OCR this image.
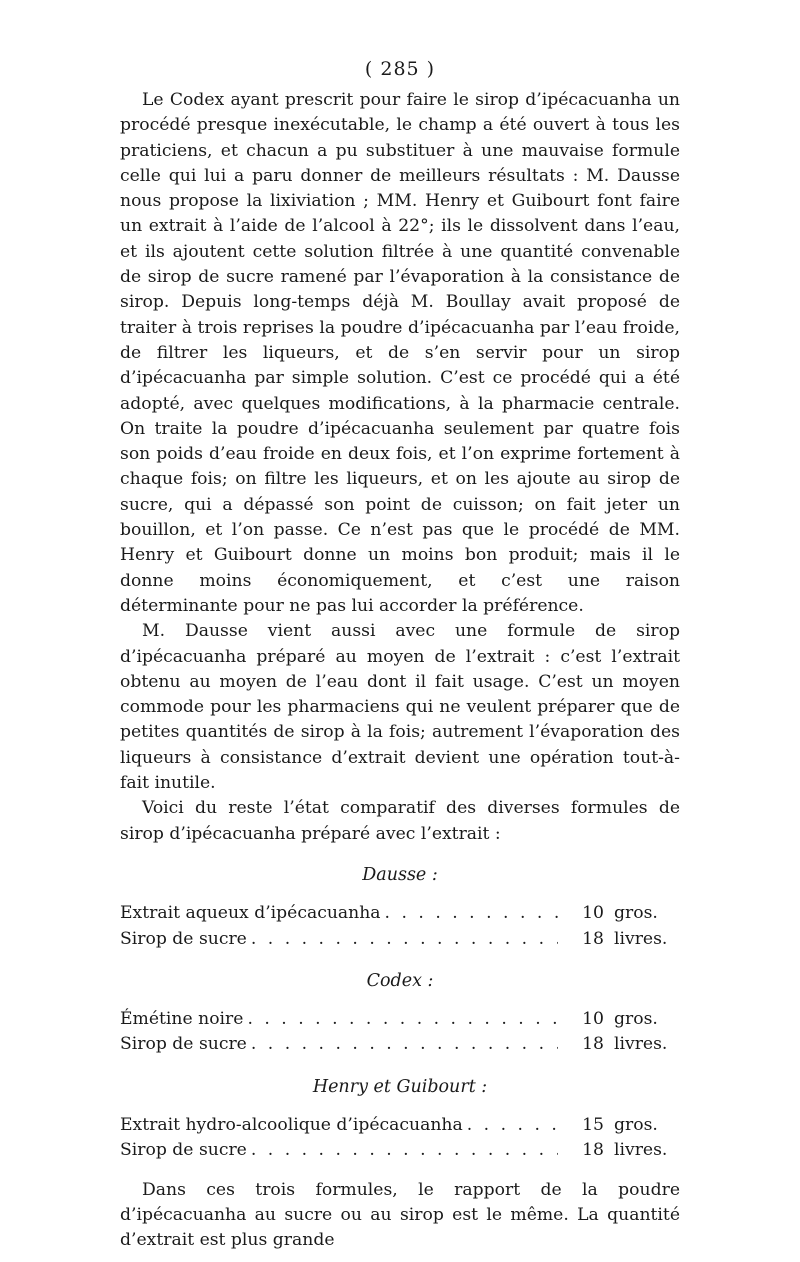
( 285 )

Le Codex ayant prescrit pour faire le sirop d’ipécacuanha un procédé presque inexécutable, le champ a été ouvert à tous les praticiens, et chacun a pu substituer à une mauvaise formule celle qui lui a paru donner de meilleurs résultats : M. Dausse nous propose la lixiviation ; MM. Henry et Guibourt font faire un extrait à l’aide de l’alcool à 22°; ils le dissolvent dans l’eau, et ils ajoutent cette solution filtrée à une quantité convenable de sirop de sucre ramené par l’évaporation à la consistance de sirop. Depuis long-temps déjà M. Boullay avait proposé de traiter à trois reprises la poudre d’ipécacuanha par l’eau froide, de filtrer les liqueurs, et de s’en servir pour un sirop d’ipécacuanha par simple solution. C’est ce procédé qui a été adopté, avec quelques modifications, à la pharmacie centrale. On traite la poudre d’ipécacuanha seulement par quatre fois son poids d’eau froide en deux fois, et l’on exprime fortement à chaque fois; on filtre les liqueurs, et on les ajoute au sirop de sucre, qui a dépassé son point de cuisson; on fait jeter un bouillon, et l’on passe. Ce n’est pas que le procédé de MM. Henry et Guibourt donne un moins bon produit; mais il le donne moins économiquement, et c’est une raison déterminante pour ne pas lui accorder la préférence.

M. Dausse vient aussi avec une formule de sirop d’ipécacuanha préparé au moyen de l’extrait : c’est l’extrait obtenu au moyen de l’eau dont il fait usage. C’est un moyen commode pour les pharmaciens qui ne veulent préparer que de petites quantités de sirop à la fois; autrement l’évaporation des liqueurs à consistance d’extrait devient une opération tout-à-fait inutile.

Voici du reste l’état comparatif des diverses formules de sirop d’ipécacuanha préparé avec l’extrait :

Dausse :
Extrait aqueux d’ipécacuanha . . .	10 gros.
Sirop de sucre . . .	18 livres.
Codex :
Émétine noire . . .	10 gros.
Sirop de sucre . . .	18 livres.
Henry et Guibourt :
Extrait hydro-alcoolique d’ipécacuanha . . .	15 gros.
Sirop de sucre . . .	18 livres.

Dans ces trois formules, le rapport de la poudre d’ipécacuanha au sucre ou au sirop est le même. La quantité d’extrait est plus grande
